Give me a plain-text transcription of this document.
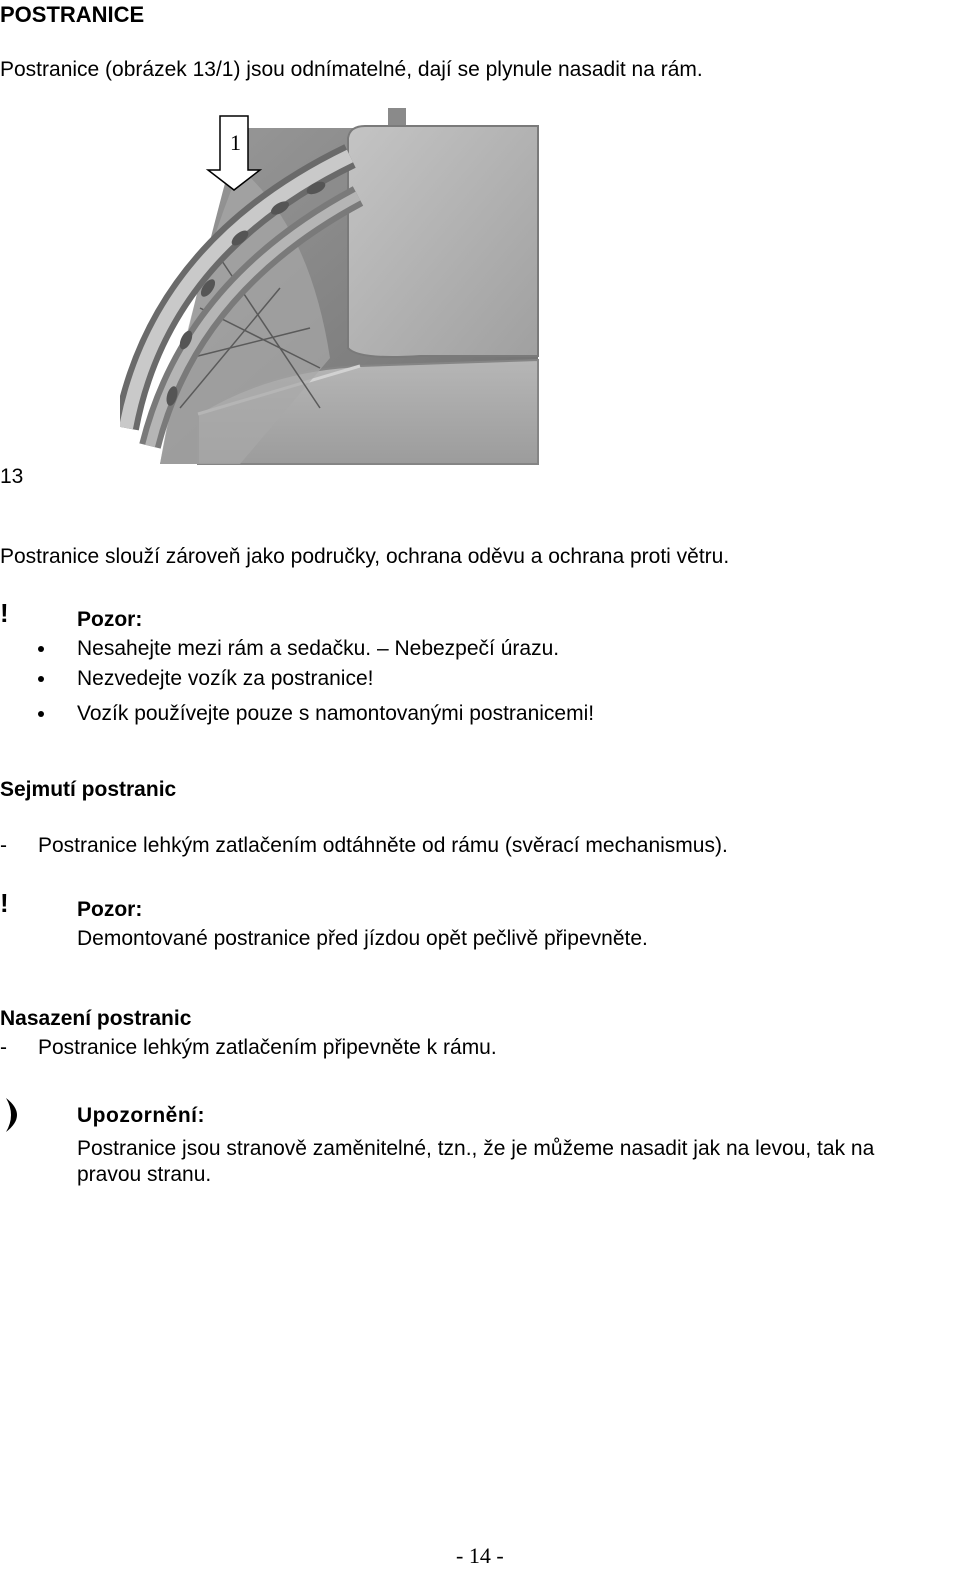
POSTRANICE
Postranice (obrázek 13/1) jsou odnímatelné, dají se plynule nasadit na rám.
1
13
Postranice slouží zároveň jako područky, ochrana oděvu a ochrana proti větru.
!	Pozor:
Nesahejte mezi rám a sedačku. – Nebezpečí úrazu.
Nezvedejte vozík za postranice!
Vozík používejte pouze s namontovanými postranicemi!
Sejmutí postranic
- Postranice lehkým zatlačením odtáhněte od rámu (svěrací mechanismus).
!	Pozor:
Demontované postranice před jízdou opět pečlivě připevněte.
Nasazení postranic
- Postranice lehkým zatlačením připevněte k rámu.
Upozornění:
Postranice jsou stranově zaměnitelné, tzn., že je můžeme nasadit jak na levou, tak na
pravou stranu.
- 14 -
